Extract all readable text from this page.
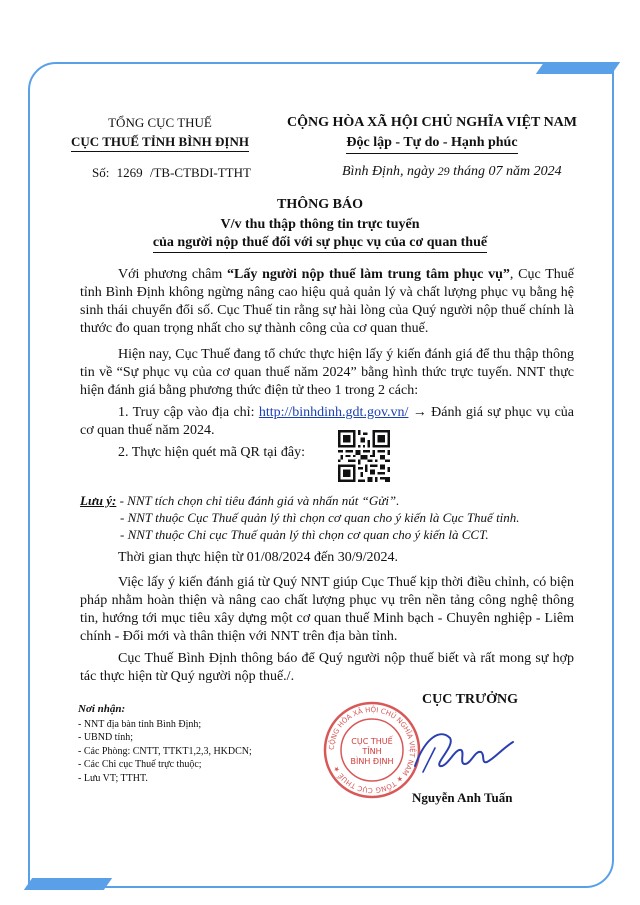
TỔNG CỤC THUẾ
CỤC THUẾ TỈNH BÌNH ĐỊNH
CỘNG HÒA XÃ HỘI CHỦ NGHĨA VIỆT NAM
Độc lập - Tự do - Hạnh phúc
Số: 1269 /TB-CTBDI-TTHT	Bình Định, ngày 29 tháng 07 năm 2024
THÔNG BÁO
V/v thu thập thông tin trực tuyến
của người nộp thuế đối với sự phục vụ của cơ quan thuế
Với phương châm “Lấy người nộp thuế làm trung tâm phục vụ”, Cục Thuế tỉnh Bình Định không ngừng nâng cao hiệu quả quản lý và chất lượng phục vụ bằng hệ sinh thái chuyển đổi số. Cục Thuế tin rằng sự hài lòng của Quý người nộp thuế chính là thước đo quan trọng nhất cho sự thành công của cơ quan thuế.
Hiện nay, Cục Thuế đang tổ chức thực hiện lấy ý kiến đánh giá để thu thập thông tin về “Sự phục vụ của cơ quan thuế năm 2024” bằng hình thức trực tuyến. NNT thực hiện đánh giá bằng phương thức điện tử theo 1 trong 2 cách:
1. Truy cập vào địa chỉ: http://binhdinh.gdt.gov.vn/ → Đánh giá sự phục vụ của cơ quan thuế năm 2024.
2. Thực hiện quét mã QR tại đây:
Lưu ý: - NNT tích chọn chỉ tiêu đánh giá và nhấn nút “Gửi”.
- NNT thuộc Cục Thuế quản lý thì chọn cơ quan cho ý kiến là Cục Thuế tỉnh.
- NNT thuộc Chi cục Thuế quản lý thì chọn cơ quan cho ý kiến là CCT.
Thời gian thực hiện từ 01/08/2024 đến 30/9/2024.
Việc lấy ý kiến đánh giá từ Quý NNT giúp Cục Thuế kịp thời điều chỉnh, có biện pháp nhằm hoàn thiện và nâng cao chất lượng phục vụ trên nền tảng công nghệ thông tin, hướng tới mục tiêu xây dựng một cơ quan thuế Minh bạch - Chuyên nghiệp - Liêm chính - Đổi mới và thân thiện với NNT trên địa bàn tỉnh.
Cục Thuế Bình Định thông báo để Quý người nộp thuế biết và rất mong sự hợp tác thực hiện từ Quý người nộp thuế./.
Nơi nhận:
- NNT địa bàn tỉnh Bình Định;
- UBND tỉnh;
- Các Phòng: CNTT, TTKT1,2,3, HKDCN;
- Các Chi cục Thuế trực thuộc;
- Lưu VT; TTHT.
CỤC TRƯỞNG
CỘNG HÒA XÃ HỘI CHỦ NGHĨA VIỆT NAM ★ TỔNG CỤC THUẾ ★
CỤC THUẾ
TỈNH
BÌNH ĐỊNH
Nguyễn Anh Tuấn
